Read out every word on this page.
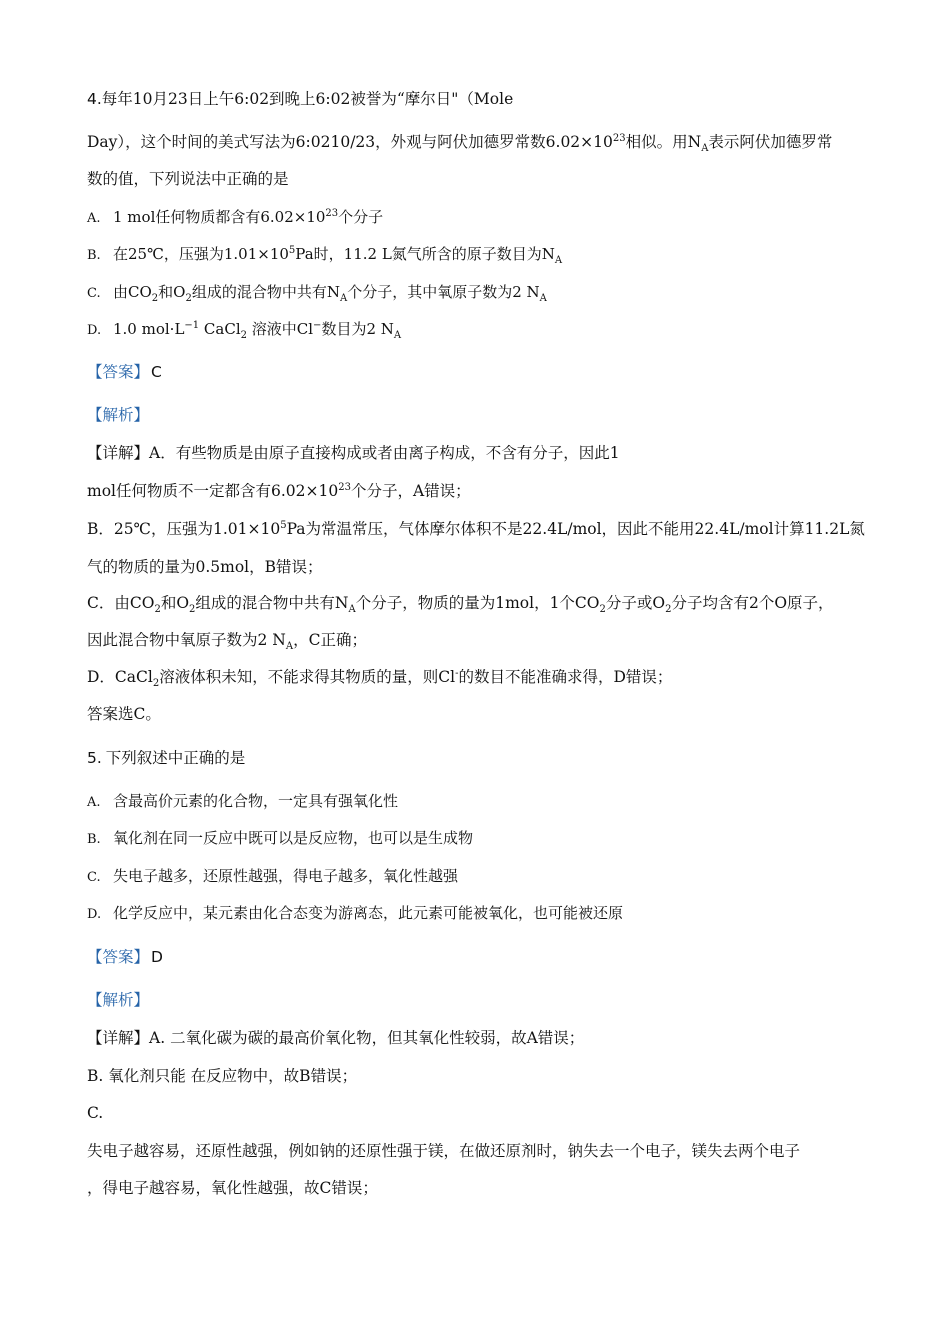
4.每年10月23日上午6:02到晚上6:02被誉为“摩尔日"（Mole
Day），这个时间的美式写法为6:0210/23，外观与阿伏加德罗常数$6.02\times 10^{23}$相似。用$N_A$表示阿伏加德罗常
数的值，下列说法中正确的是
A. 1 mol任何物质都含有$6.02\times 10^{23}$个分子
B. 在25℃，压强为$1.01\times 10^5Pa$时，11.2 L氮气所含的原子数目为$N_A$
C. 由$CO_2$和$O_2$组成的混合物中共有$N_A$个分子，其中氧原子数为2 $N_A$
D. 1.0 $mol\cdot L^{-1}$ CaCl$_2$ 溶液中Cl−数目为2 $N_A$
【答案】 C
【解析】
【详解】A．有些物质是由原子直接构成或者由离子构成，不含有分子，因此1
mol任何物质不一定都含有$6.02\times 10^{23}$个分子，A错误；
B．25℃，压强为$1.01\times 10^5Pa$为常温常压，气体摩尔体积不是22.4L/mol，因此不能用22.4L/mol计算11.2L氮
气的物质的量为0.5mol，B错误；
C．由$CO_2$和$O_2$组成的混合物中共有$N_A$个分子，物质的量为1mol，1个$CO_2$分子或$O_2$分子均含有2个O原子，
因此混合物中氧原子数为2 $N_A$，C正确；
D．CaCl$_2$溶液体积未知，不能求得其物质的量，则Cl-的数目不能准确求得，D错误；
答案选C。
5. 下列叙述中正确的是
A. 含最高价元素的化合物，一定具有强氧化性
B. 氧化剂在同一反应中既可以是反应物，也可以是生成物
C. 失电子越多，还原性越强，得电子越多，氧化性越强
D. 化学反应中，某元素由化合态变为游离态，此元素可能被氧化，也可能被还原
【答案】 D
【解析】
【详解】A. 二氧化碳为碳的最高价氧化物，但其氧化性较弱，故A错误；
B. 氧化剂只能 在反应物中，故B错误；
C.
失电子越容易，还原性越强，例如钠的还原性强于镁，在做还原剂时，钠失去一个电子，镁失去两个电子
，得电子越容易，氧化性越强，故C错误；
